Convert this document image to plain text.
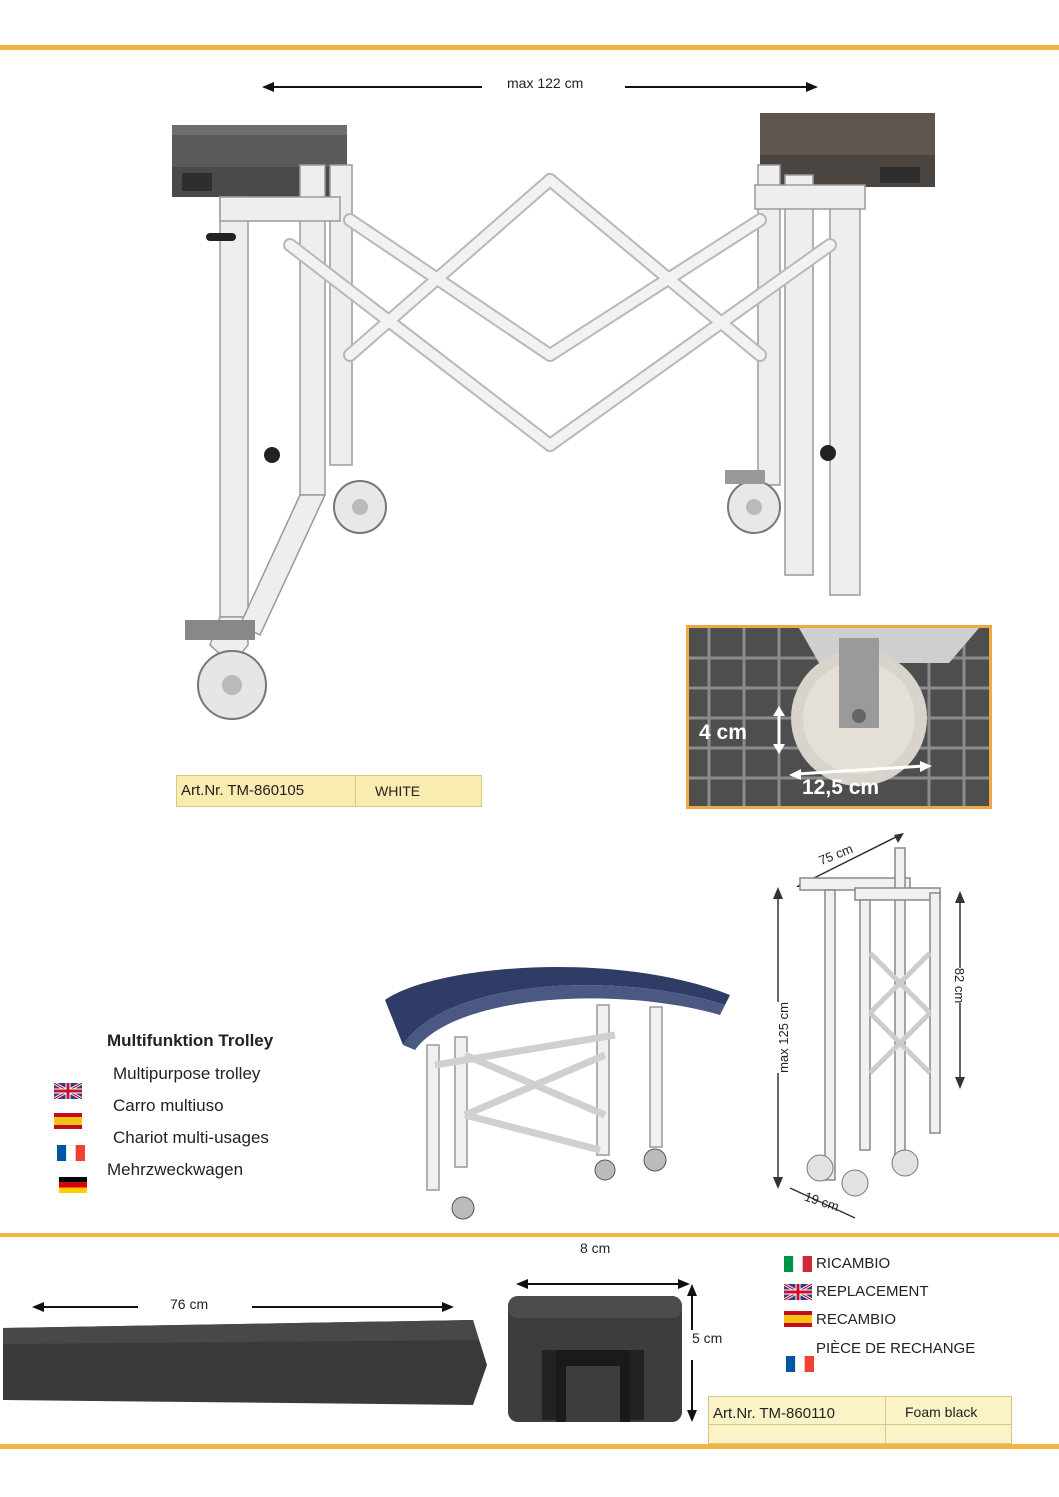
max 122 cm
Art.Nr. TM-860105	WHITE
4 cm
12,5 cm
75 cm
max 125 cm
82 cm
19 cm
Multifunktion Trolley
Multipurpose trolley
Carro multiuso
Chariot multi-usages
Mehrzweckwagen
76 cm
8 cm
5 cm
RICAMBIO
REPLACEMENT
RECAMBIO
PIÈCE DE RECHANGE
Art.Nr. TM-860110	Foam black
